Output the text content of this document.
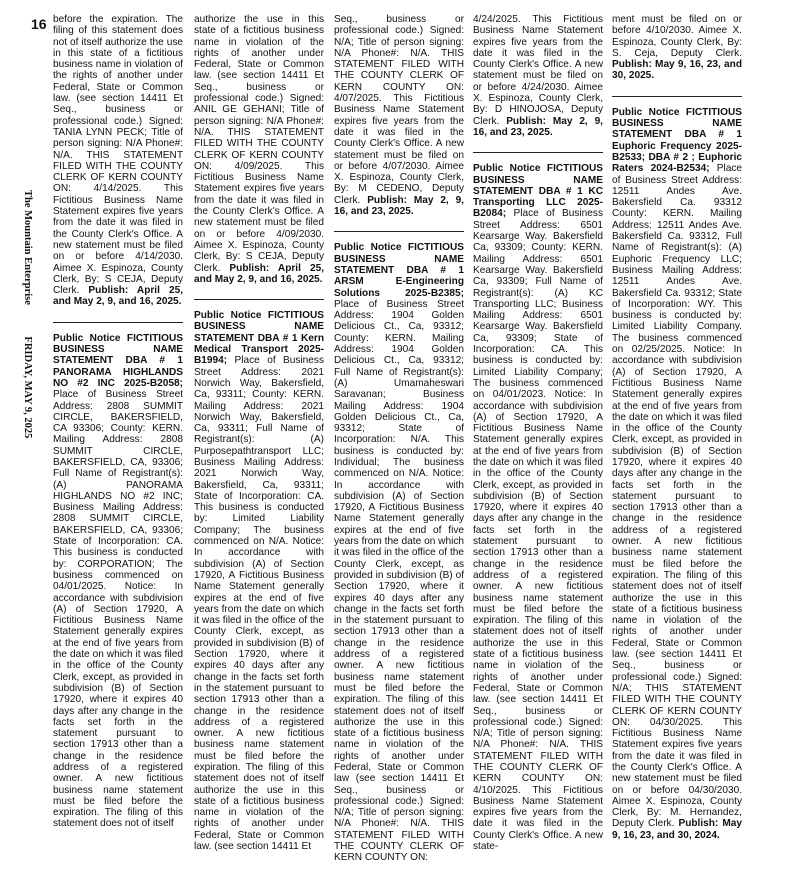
16
The Mountain Enterprise            FRIDAY, MAY 9, 2025

before the expiration. The filing of this statement does not of itself authorize the use in this state of a fictitious business name in violation of the rights of another under Federal, State or Common law. (see section 14411 Et Seq., business or professional code.) Signed: TANIA LYNN PECK; Title of person signing: N/A Phone#: N/A. THIS STATEMENT FILED WITH THE COUNTY CLERK OF KERN COUNTY ON: 4/14/2025. This Fictitious Business Name Statement expires five years from the date it was filed in the County Clerk's Office. A new statement must be filed on or before 4/14/2030. Aimee X. Espinoza, County Clerk, By: S CEJA, Deputy Clerk. Publish: April 25, and May 2, 9, and 16, 2025.

Public Notice FICTITIOUS BUSINESS NAME STATEMENT DBA # 1 PANORAMA HIGHLANDS NO #2 INC 2025-B2058; Place of Business Street Address: 2808 SUMMIT CIRCLE, BAKERSFIELD, CA 93306; County: KERN. Mailing Address: 2808 SUMMIT CIRCLE, BAKERSFIELD, CA, 93306; Full Name of Registrant(s): (A) PANORAMA HIGHLANDS NO #2 INC; Business Mailing Address: 2808 SUMMIT CIRCLE, BAKERSFIELD, CA, 93306; State of Incorporation: CA. This business is conducted by: CORPORATION; The business commenced on 04/01/2025. Notice: In accordance with subdivision (A) of Section 17920, A Fictitious Business Name Statement generally expires at the end of five years from the date on which it was filed in the office of the County Clerk, except, as provided in subdivision (B) of Section 17920, where it expires 40 days after any change in the facts set forth in the statement pursuant to section 17913 other than a change in the residence address of a registered owner. A new fictitious business name statement must be filed before the expiration. The filing of this statement does not of itself

authorize the use in this state of a fictitious business name in violation of the rights of another under Federal, State or Common law. (see section 14411 Et Seq., business or professional code.) Signed: ANIL GE GEHANI; Title of person signing: N/A Phone#: N/A. THIS STATEMENT FILED WITH THE COUNTY CLERK OF KERN COUNTY ON: 4/09/2025. This Fictitious Business Name Statement expires five years from the date it was filed in the County Clerk's Office. A new statement must be filed on or before 4/09/2030. Aimee X. Espinoza, County Clerk, By: S CEJA, Deputy Clerk. Publish: April 25, and May 2, 9, and 16, 2025.

Public Notice FICTITIOUS BUSINESS NAME STATEMENT DBA # 1 Kern Medical Transport 2025-B1994; Place of Business Street Address: 2021 Norwich Way, Bakersfield, Ca, 93311; County: KERN. Mailing Address: 2021 Norwich Way, Bakersfield, Ca, 93311; Full Name of Registrant(s): (A) Purposepathtransport LLC; Business Mailing Address: 2021 Norwich Way, Bakersfield, Ca, 93311; State of Incorporation: CA. This business is conducted by: Limited Liability Company; The business commenced on N/A. Notice: In accordance with subdivision (A) of Section 17920, A Fictitious Business Name Statement generally expires at the end of five years from the date on which it was filed in the office of the County Clerk, except, as provided in subdivision (B) of Section 17920, where it expires 40 days after any change in the facts set forth in the statement pursuant to section 17913 other than a change in the residence address of a registered owner. A new fictitious business name statement must be filed before the expiration. The filing of this statement does not of itself authorize the use in this state of a fictitious business name in violation of the rights of another under Federal, State or Common law. (see section 14411 Et

Seq., business or professional code.) Signed: N/A; Title of person signing: N/A Phone#: N/A. THIS STATEMENT FILED WITH THE COUNTY CLERK OF KERN COUNTY ON: 4/07/2025. This Fictitious Business Name Statement expires five years from the date it was filed in the County Clerk's Office. A new statement must be filed on or before 4/07/2030. Aimee X. Espinoza, County Clerk, By: M CEDENO, Deputy Clerk. Publish: May 2, 9, 16, and 23, 2025.

Public Notice FICTITIOUS BUSINESS NAME STATEMENT DBA # 1 ARSM E-Engineering Solutions 2025-B2385; Place of Business Street Address: 1904 Golden Delicious Ct., Ca, 93312; County: KERN. Mailing Address: 1904 Golden Delicious Ct., Ca, 93312; Full Name of Registrant(s): (A) Umamaheswari Saravanan; Business Mailing Address: 1904 Golden Delicious Ct., Ca, 93312; State of Incorporation: N/A. This business is conducted by: Individual; The business commenced on N/A. Notice: In accordance with subdivision (A) of Section 17920, A Fictitious Business Name Statement generally expires at the end of five years from the date on which it was filed in the office of the County Clerk, except, as provided in subdivision (B) of Section 17920, where it expires 40 days after any change in the facts set forth in the statement pursuant to section 17913 other than a change in the residence address of a registered owner. A new fictitious business name statement must be filed before the expiration. The filing of this statement does not of itself authorize the use in this state of a fictitious business name in violation of the rights of another under Federal, State or Common law (see section 14411 Et Seq., business or professional code.) Signed: N/A; Title of person signing: N/A Phone#: N/A. THIS STATEMENT FILED WITH THE COUNTY CLERK OF KERN COUNTY ON:

4/24/2025. This Fictitious Business Name Statement expires five years from the date it was filed in the County Clerk's Office. A new statement must be filed on or before 4/24/2030. Aimee X. Espinoza, County Clerk, By: D HINOJOSA, Deputy Clerk. Publish: May 2, 9, 16, and 23, 2025.

Public Notice FICTITIOUS BUSINESS NAME STATEMENT DBA # 1 KC Transporting LLC 2025-B2084; Place of Business Street Address: 6501 Kearsarge Way. Bakersfield Ca, 93309; County: KERN. Mailing Address: 6501 Kearsarge Way. Bakersfield Ca, 93309; Full Name of Registrant(s): (A) KC Transporting LLC; Business Mailing Address: 6501 Kearsarge Way. Bakersfield Ca, 93309; State of Incorporation: CA. This business is conducted by: Limited Liability Company; The business commenced on 04/01/2023. Notice: In accordance with subdivision (A) of Section 17920, A Fictitious Business Name Statement generally expires at the end of five years from the date on which it was filed in the office of the County Clerk, except, as provided in subdivision (B) of Section 17920, where it expires 40 days after any change in the facts set forth in the statement pursuant to section 17913 other than a change in the residence address of a registered owner. A new fictitious business name statement must be filed before the expiration. The filing of this statement does not of itself authorize the use in this state of a fictitious business name in violation of the rights of another under Federal, State or Common law. (see section 14411 Et Seq., business or professional code.) Signed: N/A; Title of person signing: N/A Phone#: N/A. THIS STATEMENT FILED WITH THE COUNTY CLERK OF KERN COUNTY ON: 4/10/2025. This Fictitious Business Name Statement expires five years from the date it was filed in the County Clerk's Office. A new state-

ment must be filed on or before 4/10/2030. Aimee X. Espinoza, County Clerk, By: S. Ceja, Deputy Clerk. Publish: May 9, 16, 23, and 30, 2025.

Public Notice FICTITIOUS BUSINESS NAME STATEMENT DBA # 1 Euphoric Frequency 2025-B2533; DBA # 2 ; Euphoric Raters 2024-B2534; Place of Business Street Address: 12511 Andes Ave. Bakersfield Ca. 93312 County: KERN. Mailing Address: 12511 Andes Ave. Bakersfield Ca. 93312, Full Name of Registrant(s): (A) Euphoric Frequency LLC; Business Mailing Address: 12511 Andes Ave. Bakersfield Ca. 93312; State of Incorporation: WY. This business is conducted by: Limited Liability Company. The business commenced on 02/25/2025. Notice: In accordance with subdivision (A) of Section 17920, A Fictitious Business Name Statement generally expires at the end of five years from the date on which it was filed in the office of the County Clerk, except, as provided in subdivision (B) of Section 17920, where it expires 40 days after any change in the facts set forth in the statement pursuant to section 17913 other than a change in the residence address of a registered owner. A new fictitious business name statement must be filed before the expiration. The filing of this statement does not of itself authorize the use in this state of a fictitious business name in violation of the rights of another under Federal, State or Common law. (see section 14411 Et Seq., business or professional code.) Signed: N/A; THIS STATEMENT FILED WITH THE COUNTY CLERK OF KERN COUNTY ON: 04/30/2025. This Fictitious Business Name Statement expires five years from the date it was filed in the County Clerk's Office. A new statement must be filed on or before 04/30/2030. Aimee X. Espinoza, County Clerk, By: M. Hernandez, Deputy Clerk. Publish: May 9, 16, 23, and 30, 2024.
